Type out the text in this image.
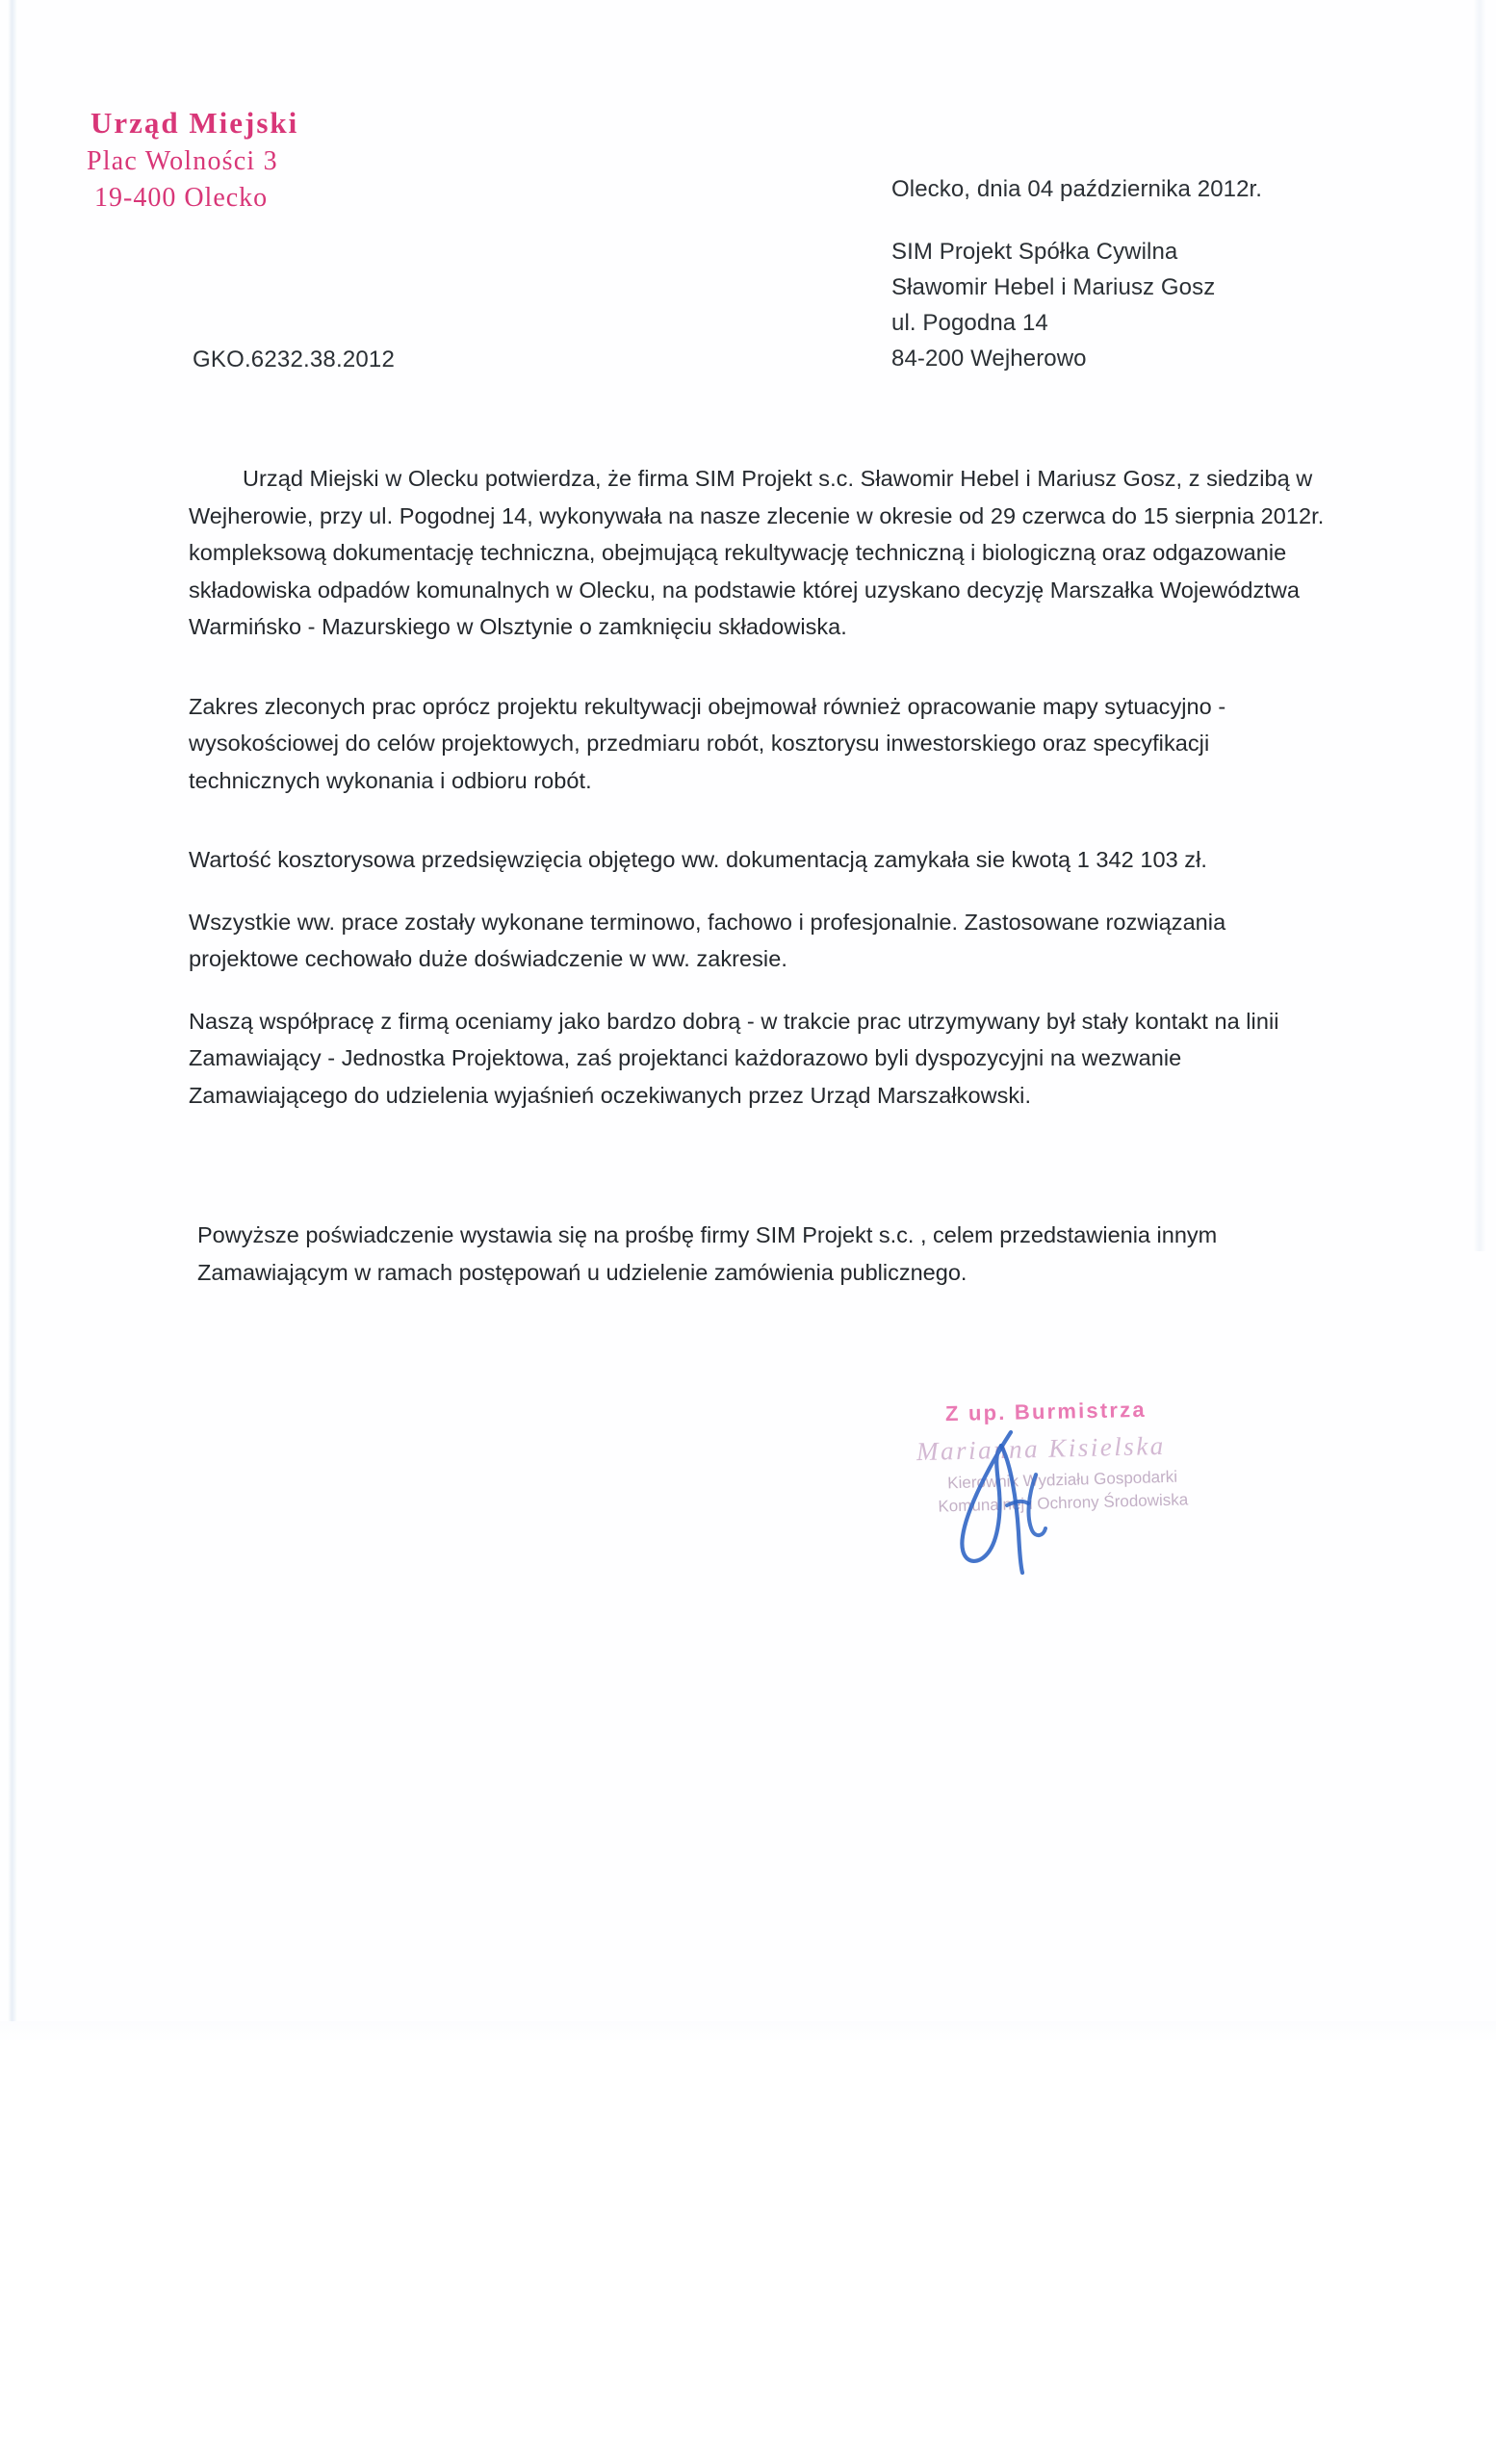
Urząd Miejski
Plac Wolności 3
19-400 Olecko
GKO.6232.38.2012
Olecko, dnia 04 października 2012r.
SIM Projekt Spółka Cywilna
Sławomir Hebel i Mariusz Gosz
ul. Pogodna 14
84-200 Wejherowo

Urząd Miejski w Olecku potwierdza, że firma SIM Projekt s.c. Sławomir Hebel i Mariusz Gosz, z siedzibą w Wejherowie, przy ul. Pogodnej 14, wykonywała na nasze zlecenie w okresie od 29 czerwca do 15 sierpnia 2012r. kompleksową dokumentację techniczna, obejmującą rekultywację techniczną i biologiczną oraz odgazowanie składowiska odpadów komunalnych w Olecku, na podstawie której uzyskano decyzję Marszałka Województwa Warmińsko - Mazurskiego w Olsztynie o zamknięciu składowiska.

Zakres zleconych prac oprócz projektu rekultywacji obejmował również opracowanie mapy sytuacyjno - wysokościowej do celów projektowych, przedmiaru robót, kosztorysu inwestorskiego oraz specyfikacji technicznych wykonania i odbioru robót.

Wartość kosztorysowa przedsięwzięcia objętego ww. dokumentacją zamykała sie kwotą 1 342 103 zł.

Wszystkie ww. prace zostały wykonane terminowo, fachowo i profesjonalnie. Zastosowane rozwiązania projektowe cechowało duże doświadczenie w ww. zakresie.

Naszą współpracę z firmą oceniamy jako bardzo dobrą - w trakcie prac utrzymywany był stały kontakt na linii Zamawiający - Jednostka Projektowa, zaś projektanci każdorazowo byli dyspozycyjni na wezwanie Zamawiającego do udzielenia wyjaśnień oczekiwanych przez Urząd Marszałkowski.

Powyższe poświadczenie wystawia się na prośbę firmy SIM Projekt s.c. , celem przedstawienia innym Zamawiającym w ramach postępowań u udzielenie zamówienia publicznego.

Z up. Burmistrza
Marianna Kisielska
Kierownik Wydziału Gospodarki
Komunalnej i Ochrony Środowiska
